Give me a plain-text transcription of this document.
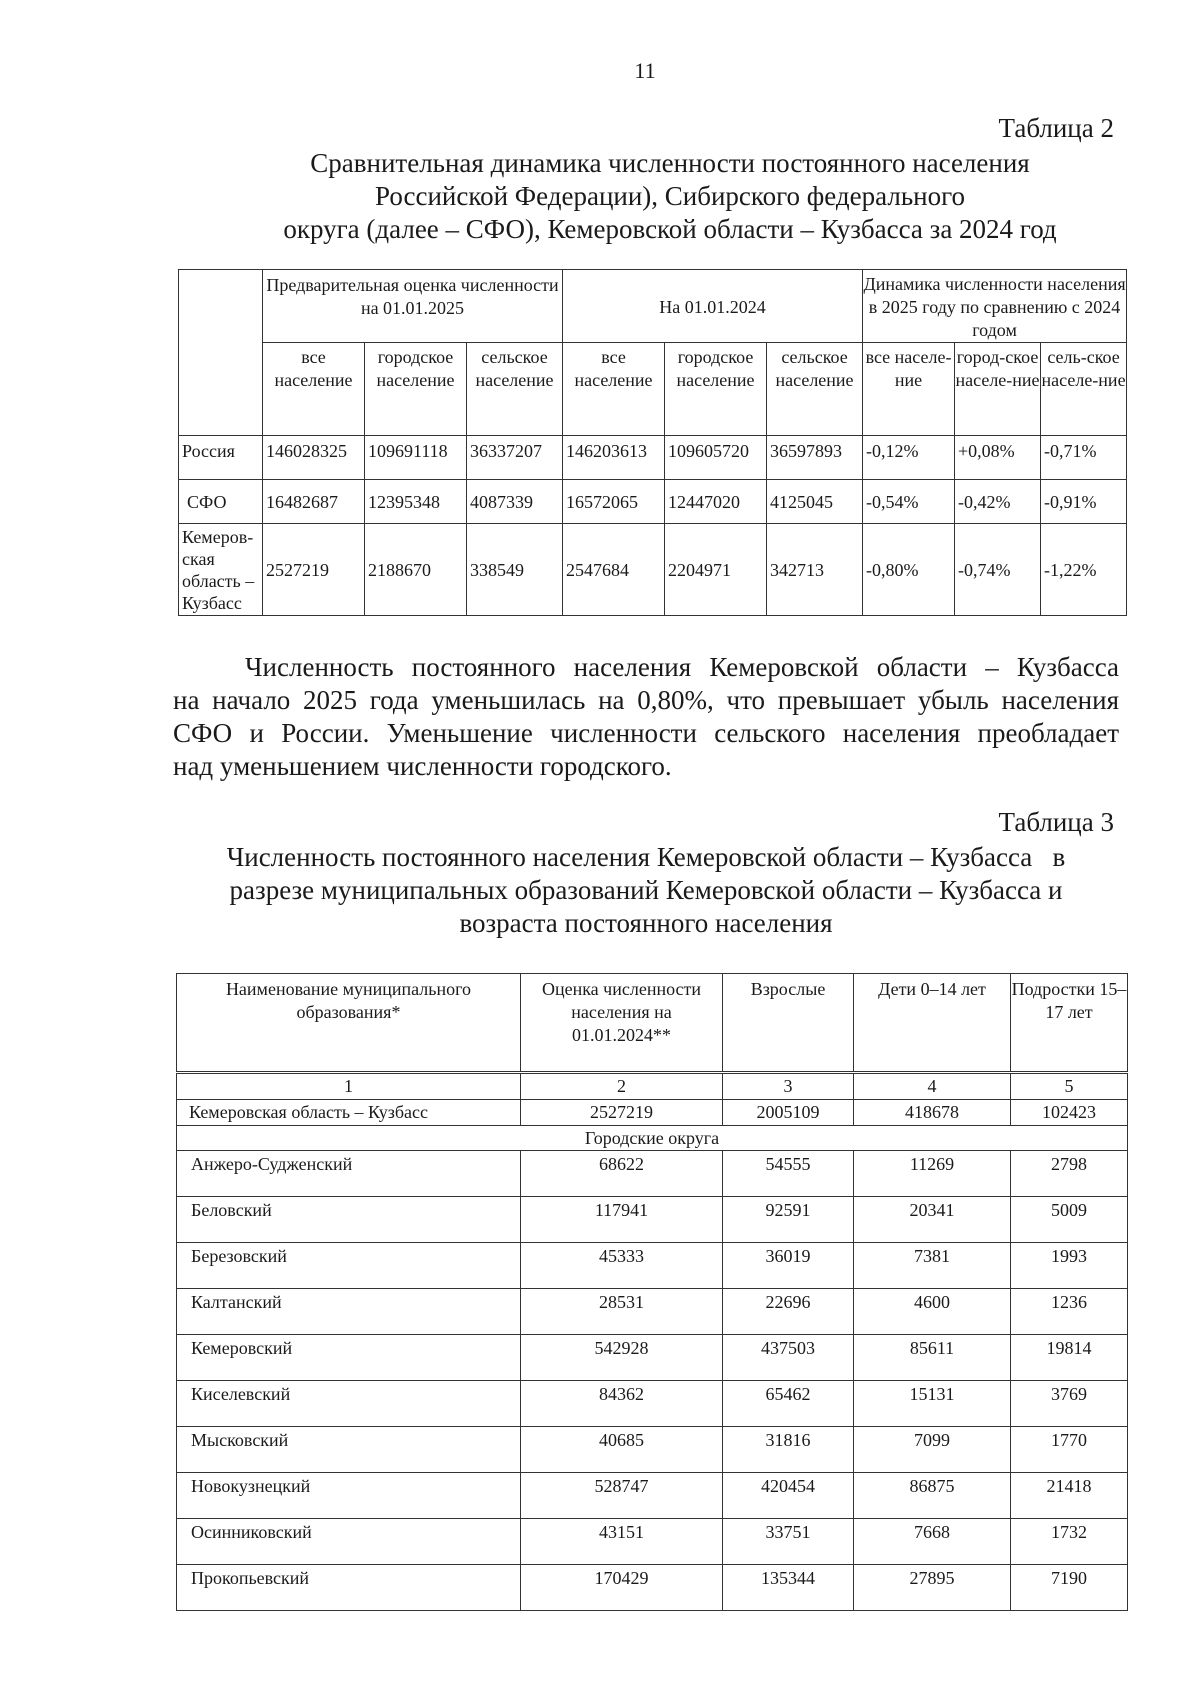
11
Таблица 2
Сравнительная динамика численности постоянного населения
Российской Федерации), Сибирского федерального
округа (далее – СФО), Кемеровской области – Кузбасса за 2024 год
	Предварительная оценка численности на 01.01.2025			На 01.01.2024			Динамика численности населения в 2025 году по сравнению с 2024 годом		
	все население	городское население	сельское население	все население	городское население	сельское население	все населе-ние	город-ское населе-ние	сель-ское населе-ние
Россия	146028325	109691118	36337207	146203613	109605720	36597893	-0,12%	+0,08%	-0,71%
СФО	16482687	12395348	4087339	16572065	12447020	4125045	-0,54%	-0,42%	-0,91%
Кемеров-ская область – Кузбасс	2527219	2188670	338549	2547684	2204971	342713	-0,80%	-0,74%	-1,22%
Численность постоянного населения Кемеровской области – Кузбасса
на начало 2025 года уменьшилась на 0,80%, что превышает убыль населения
СФО и России. Уменьшение численности сельского населения преобладает
над уменьшением численности городского.
Таблица 3
Численность постоянного населения Кемеровской области – Кузбасса   в
разрезе муниципальных образований Кемеровской области – Кузбасса и
возраста постоянного населения
Наименование муниципального образования*	Оценка численности населения на 01.01.2024**	Взрослые	Дети 0–14 лет	Подростки 15–17 лет
1	2	3	4	5
Кемеровская область – Кузбасс	2527219	2005109	418678	102423
Городские округа				
Анжеро-Судженский	68622	54555	11269	2798
Беловский	117941	92591	20341	5009
Березовский	45333	36019	7381	1993
Калтанский	28531	22696	4600	1236
Кемеровский	542928	437503	85611	19814
Киселевский	84362	65462	15131	3769
Мысковский	40685	31816	7099	1770
Новокузнецкий	528747	420454	86875	21418
Осинниковский	43151	33751	7668	1732
Прокопьевский	170429	135344	27895	7190
